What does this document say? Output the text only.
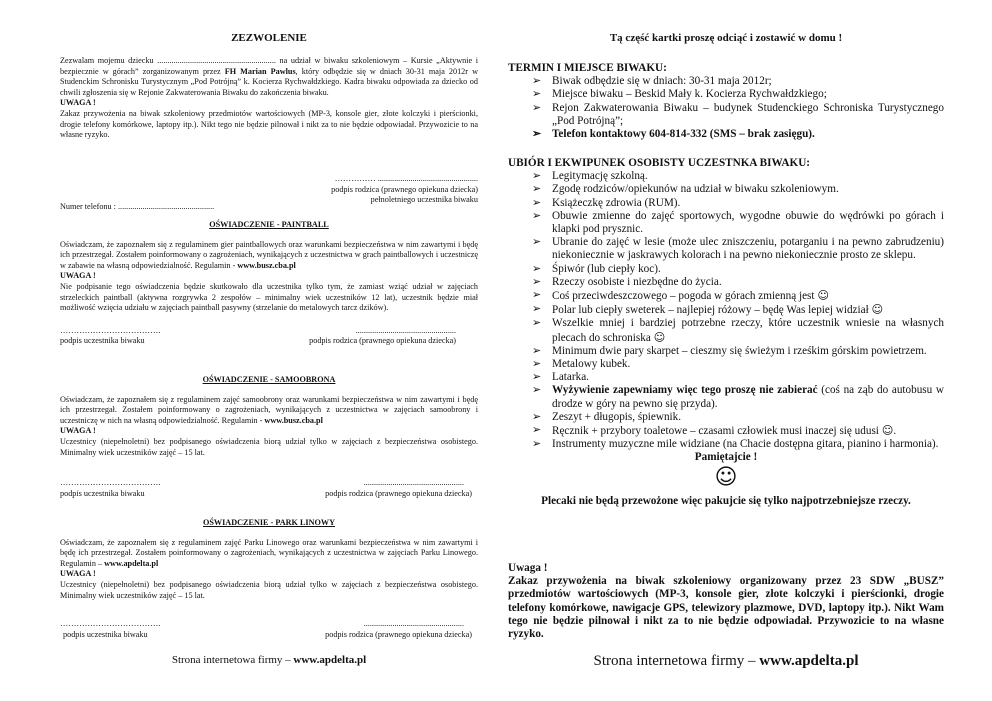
ZEZWOLENIE

Zezwalam mojemu dziecku .......................................................... na udział w biwaku szkoleniowym – Kursie „Aktywnie i bezpiecznie w górach” zorganizowanym przez FH Marian Pawlus, który odbędzie się w dniach 30-31 maja 2012r w Studenckim Schronisku Turystycznym „Pod Potrójną” k. Kocierza Rychwałdzkiego. Kadra biwaku odpowiada za dziecko od chwili zgłoszenia się w Rejonie Zakwaterowania Biwaku do zakończenia biwaku.

UWAGA !

Zakaz przywożenia na biwak szkoleniowy przedmiotów wartościowych (MP-3, konsole gier, złote kolczyki i pierścionki, drogie telefony komórkowe, laptopy itp.). Nikt tego nie będzie pilnował i nikt za to nie będzie odpowiadał. Przywozicie to na własne ryzyko.

…………… .................................................
podpis rodzica (prawnego opiekuna dziecka)
pełnoletniego uczestnika biwaku
Numer telefonu : ...............................................
OŚWIADCZENIE - PAINTBALL

Oświadczam, że zapoznałem się z regulaminem gier paintballowych oraz warunkami bezpieczeństwa w nim zawartymi i będę ich przestrzegał. Zostałem poinformowany o zagrożeniach, wynikających z uczestnictwa w grach paintballowych i uczestniczę w zabawie na własną odpowiedzialność. Regulamin - www.busz.cba.pl

UWAGA !

Nie podpisanie tego oświadczenia będzie skutkowało dla uczestnika tylko tym, że zamiast wziąć udział w zajęciach strzeleckich paintball (aktywna rozgrywka 2 zespołów – minimalny wiek uczestników 12 lat), uczestnik będzie miał możliwość wzięcia udziału w zajęciach paintball pasywny (strzelanie do metalowych tarcz dzików).

……………………………….	.................................................
podpis uczestnika biwaku	podpis rodzica (prawnego opiekuna dziecka)
OŚWIADCZENIE - SAMOOBRONA

Oświadczam, że zapoznałem się z regulaminem zajęć samoobrony oraz warunkami bezpieczeństwa w nim zawartymi i będę ich przestrzegał. Zostałem poinformowany o zagrożeniach, wynikających z uczestnictwa w zajęciach samoobrony i uczestniczę w nich na własną odpowiedzialność. Regulamin - www.busz.cba.pl

UWAGA !

Uczestnicy (niepełnoletni) bez podpisanego oświadczenia biorą udział tylko w zajęciach z bezpieczeństwa osobistego. Minimalny wiek uczestników zajęć – 15 lat.

……………………………….	.................................................
podpis uczestnika biwaku	podpis rodzica (prawnego opiekuna dziecka)
OŚWIADCZENIE - PARK LINOWY

Oświadczam, że zapoznałem się z regulaminem zajęć Parku Linowego oraz warunkami bezpieczeństwa w nim zawartymi i będę ich przestrzegał. Zostałem poinformowany o zagrożeniach, wynikających z uczestnictwa w zajęciach Parku Linowego. Regulamin – www.apdelta.pl

UWAGA !

Uczestnicy (niepełnoletni) bez podpisanego oświadczenia biorą udział tylko w zajęciach z bezpieczeństwa osobistego. Minimalny wiek uczestników zajęć – 15 lat.

……………………………….	.................................................
podpis uczestnika biwaku	podpis rodzica (prawnego opiekuna dziecka)
Strona internetowa firmy – www.apdelta.pl
Tą część kartki proszę odciąć i zostawić w domu !
TERMIN I MIEJSCE BIWAKU:
➢ Biwak odbędzie się w dniach: 30-31 maja 2012r;
➢ Miejsce biwaku – Beskid Mały k. Kocierza Rychwałdzkiego;
➢ Rejon Zakwaterowania Biwaku – budynek Studenckiego Schroniska Turystycznego „Pod Potrójną”;
➢ Telefon kontaktowy 604-814-332 (SMS – brak zasięgu).
UBIÓR I EKWIPUNEK OSOBISTY UCZESTNKA BIWAKU:
➢ Legitymację szkolną.
➢ Zgodę rodziców/opiekunów na udział w biwaku szkoleniowym.
➢ Książeczkę zdrowia (RUM).
➢ Obuwie zmienne do zajęć sportowych, wygodne obuwie do wędrówki po górach i klapki pod prysznic.
➢ Ubranie do zajęć w lesie (może ulec zniszczeniu, potarganiu i na pewno zabrudzeniu) niekoniecznie w jaskrawych kolorach i na pewno niekoniecznie prosto ze sklepu.
➢ Śpiwór (lub ciepły koc).
➢ Rzeczy osobiste i niezbędne do życia.
➢ Coś przeciwdeszczowego – pogoda w górach zmienną jest ☺
➢ Polar lub ciepły sweterek – najlepiej różowy – będę Was lepiej widział ☺
➢ Wszelkie mniej i bardziej potrzebne rzeczy, które uczestnik wniesie na własnych plecach do schroniska ☺
➢ Minimum dwie pary skarpet – cieszmy się świeżym i rześkim górskim powietrzem.
➢ Metalowy kubek.
➢ Latarka.
➢ Wyżywienie zapewniamy więc tego proszę nie zabierać (coś na ząb do autobusu w drodze w góry na pewno się przyda).
➢ Zeszyt + długopis, śpiewnik.
➢ Ręcznik + przybory toaletowe – czasami człowiek musi inaczej się udusi ☺.
➢ Instrumenty muzyczne mile widziane (na Chacie dostępna gitara, pianino i harmonia).
Pamiętajcie !
☺
Plecaki nie będą przewożone więc pakujcie się tylko najpotrzebniejsze rzeczy.
Uwaga !

Zakaz przywożenia na biwak szkoleniowy organizowany przez 23 SDW „BUSZ” przedmiotów wartościowych (MP-3, konsole gier, złote kolczyki i pierścionki, drogie telefony komórkowe, nawigacje GPS, telewizory plazmowe, DVD, laptopy itp.). Nikt Wam tego nie będzie pilnował i nikt za to nie będzie odpowiadał. Przywozicie to na własne ryzyko.

Strona internetowa firmy – www.apdelta.pl
